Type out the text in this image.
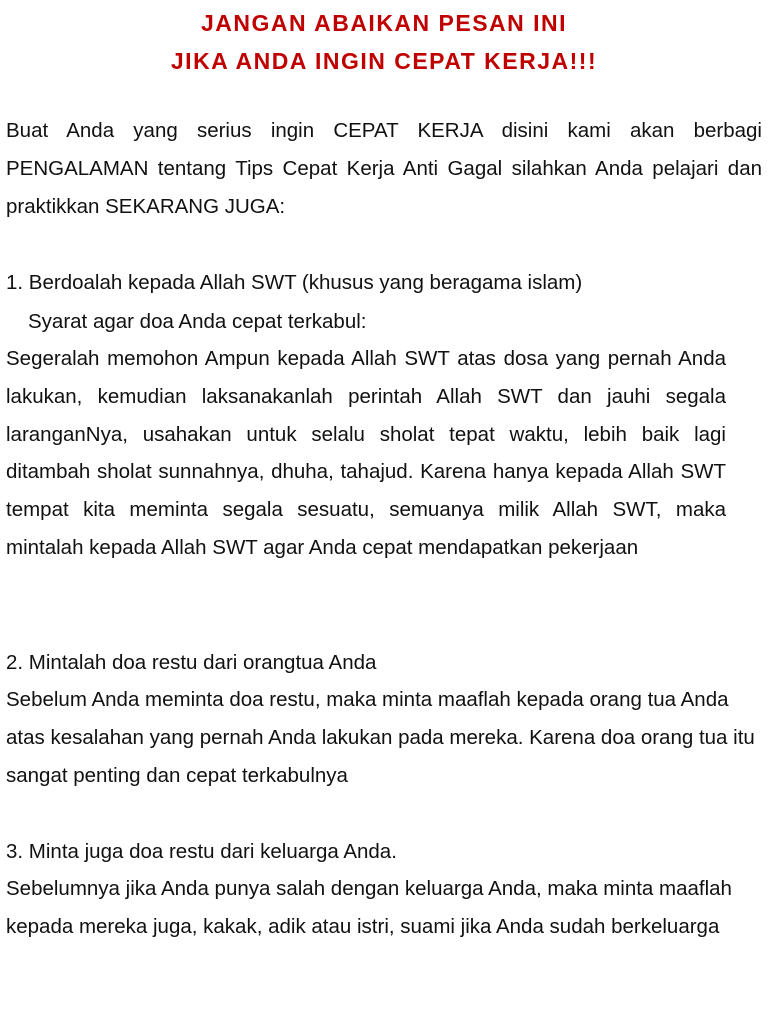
JANGAN ABAIKAN PESAN INI
JIKA ANDA INGIN CEPAT KERJA!!!

Buat Anda yang serius ingin CEPAT KERJA disini kami akan berbagi PENGALAMAN tentang Tips Cepat Kerja Anti Gagal silahkan Anda pelajari dan praktikkan SEKARANG JUGA:

1. Berdoalah kepada Allah SWT (khusus yang beragama islam)

Syarat agar doa Anda cepat terkabul:

Segeralah memohon Ampun kepada Allah SWT atas dosa yang pernah Anda lakukan, kemudian laksanakanlah perintah Allah SWT dan jauhi segala laranganNya, usahakan untuk selalu sholat tepat waktu, lebih baik lagi ditambah sholat sunnahnya, dhuha, tahajud. Karena hanya kepada Allah SWT tempat kita meminta segala sesuatu, semuanya milik Allah SWT, maka mintalah kepada Allah SWT agar Anda cepat mendapatkan pekerjaan

2. Mintalah doa restu dari orangtua Anda

Sebelum Anda meminta doa restu, maka minta maaflah kepada orang tua Anda atas kesalahan yang pernah Anda lakukan pada mereka. Karena doa orang tua itu sangat penting dan cepat terkabulnya

3. Minta juga doa restu dari keluarga Anda.

Sebelumnya jika Anda punya salah dengan keluarga Anda, maka minta maaflah kepada mereka juga, kakak, adik atau istri, suami jika Anda sudah berkeluarga
